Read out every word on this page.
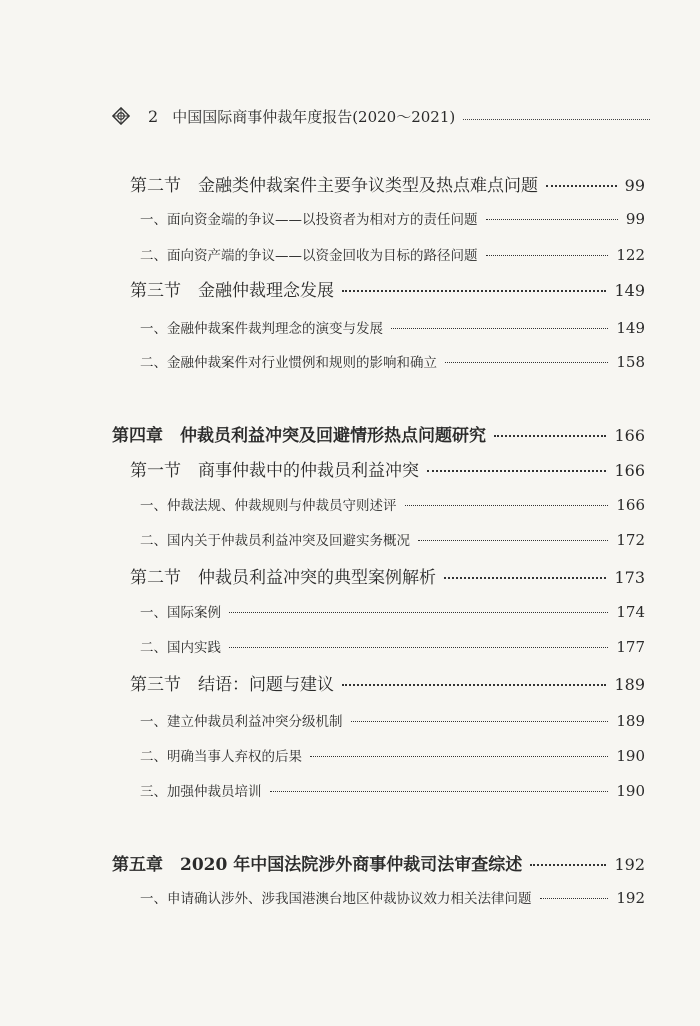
2 中国国际商事仲裁年度报告(2020～2021)
第二节　金融类仲裁案件主要争议类型及热点难点问题	99
一、面向资金端的争议——以投资者为相对方的责任问题	99
二、面向资产端的争议——以资金回收为目标的路径问题	122
第三节　金融仲裁理念发展	149
一、金融仲裁案件裁判理念的演变与发展	149
二、金融仲裁案件对行业惯例和规则的影响和确立	158
第四章　仲裁员利益冲突及回避情形热点问题研究	166
第一节　商事仲裁中的仲裁员利益冲突	166
一、仲裁法规、仲裁规则与仲裁员守则述评	166
二、国内关于仲裁员利益冲突及回避实务概况	172
第二节　仲裁员利益冲突的典型案例解析	173
一、国际案例	174
二、国内实践	177
第三节　结语：问题与建议	189
一、建立仲裁员利益冲突分级机制	189
二、明确当事人弃权的后果	190
三、加强仲裁员培训	190
第五章　2020 年中国法院涉外商事仲裁司法审查综述	192
一、申请确认涉外、涉我国港澳台地区仲裁协议效力相关法律问题	192
